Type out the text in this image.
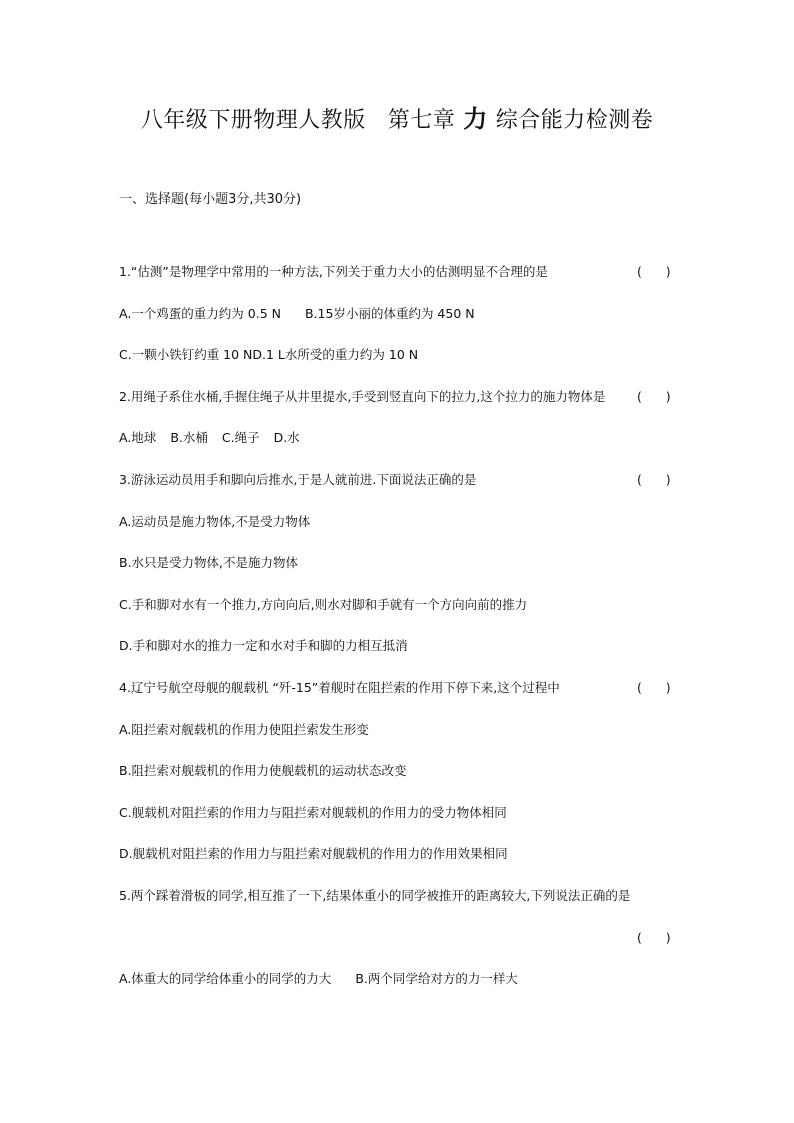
八年级下册物理人教版 第七章 力 综合能力检测卷
一、选择题(每小题3分,共30分)
1.“估测”是物理学中常用的一种方法,下列关于重力大小的估测明显不合理的是	(      )
A.一个鸡蛋的重力约为 0.5 N B.15岁小丽的体重约为 450 N
C.一颗小铁钉约重 10 ND.1 L水所受的重力约为 10 N
2.用绳子系住水桶,手握住绳子从井里提水,手受到竖直向下的拉力,这个拉力的施力物体是	(      )
A.地球 B.水桶 C.绳子 D.水
3.游泳运动员用手和脚向后推水,于是人就前进.下面说法正确的是	(      )
A.运动员是施力物体,不是受力物体
B.水只是受力物体,不是施力物体
C.手和脚对水有一个推力,方向向后,则水对脚和手就有一个方向向前的推力
D.手和脚对水的推力一定和水对手和脚的力相互抵消
4.辽宁号航空母舰的舰载机 “歼-15”着舰时在阻拦索的作用下停下来,这个过程中	(      )
A.阻拦索对舰载机的作用力使阻拦索发生形变
B.阻拦索对舰载机的作用力使舰载机的运动状态改变
C.舰载机对阻拦索的作用力与阻拦索对舰载机的作用力的受力物体相同
D.舰载机对阻拦索的作用力与阻拦索对舰载机的作用力的作用效果相同
5.两个踩着滑板的同学,相互推了一下,结果体重小的同学被推开的距离较大,下列说法正确的是
(      )
A.体重大的同学给体重小的同学的力大 B.两个同学给对方的力一样大
